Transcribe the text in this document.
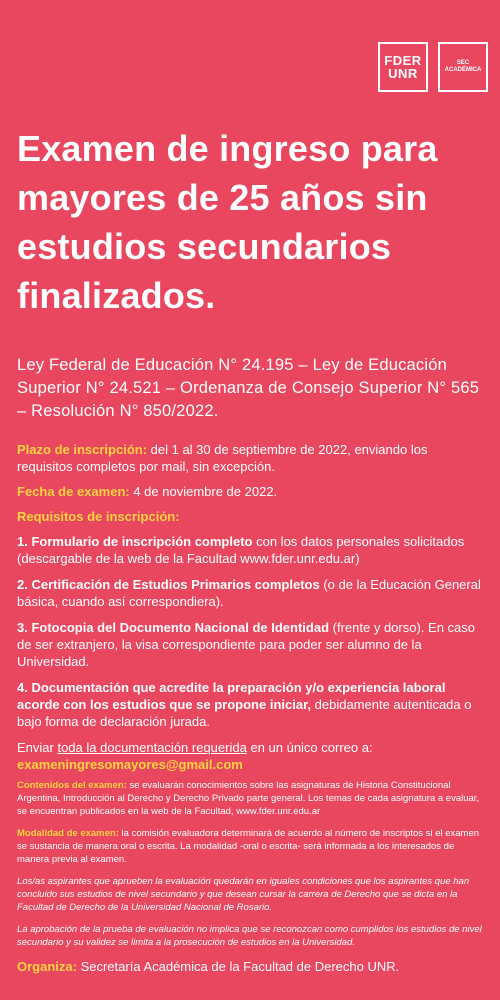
FDER
UNR
SEC
ACADÉMICA
Examen de ingreso para mayores de 25 años sin estudios secundarios finalizados.
Ley Federal de Educación N° 24.195 – Ley de Educación Superior N° 24.521 – Ordenanza de Consejo Superior N° 565 – Resolución N° 850/2022.

Plazo de inscripción: del 1 al 30 de septiembre de 2022, enviando los requisitos completos por mail, sin excepción.

Fecha de examen: 4 de noviembre de 2022.

Requisitos de inscripción:

1. Formulario de inscripción completo con los datos personales solicitados (descargable de la web de la Facultad www.fder.unr.edu.ar)

2. Certificación de Estudios Primarios completos (o de la Educación General básica, cuando así correspondiera).

3. Fotocopia del Documento Nacional de Identidad (frente y dorso). En caso de ser extranjero, la visa correspondiente para poder ser alumno de la Universidad.

4. Documentación que acredite la preparación y/o experiencia laboral acorde con los estudios que se propone iniciar, debidamente autenticada o bajo forma de declaración jurada.

Enviar toda la documentación requerida en un único correo a:
exameningresomayores@gmail.com

Contenidos del examen: se evaluarán conocimientos sobre las asignaturas de Historia Constitucional Argentina, Introducción al Derecho y Derecho Privado parte general. Los temas de cada asignatura a evaluar, se encuentran publicados en la web de la Facultad, www.fder.unr.edu.ar

Modalidad de examen: la comisión evaluadora determinará de acuerdo al número de inscriptos si el examen se sustancia de manera oral o escrita. La modalidad -oral o escrita- será informada a los interesados de manera previa al examen.

Los/as aspirantes que aprueben la evaluación quedarán en iguales condiciones que los aspirantes que han concluido sus estudios de nivel secundario y que desean cursar la carrera de Derecho que se dicta en la Facultad de Derecho de la Universidad Nacional de Rosario.

La aprobación de la prueba de evaluación no implica que se reconozcan como cumplidos los estudios de nivel secundario y su validez se limita a la prosecución de estudios en la Universidad.

Organiza: Secretaría Académica de la Facultad de Derecho UNR.
